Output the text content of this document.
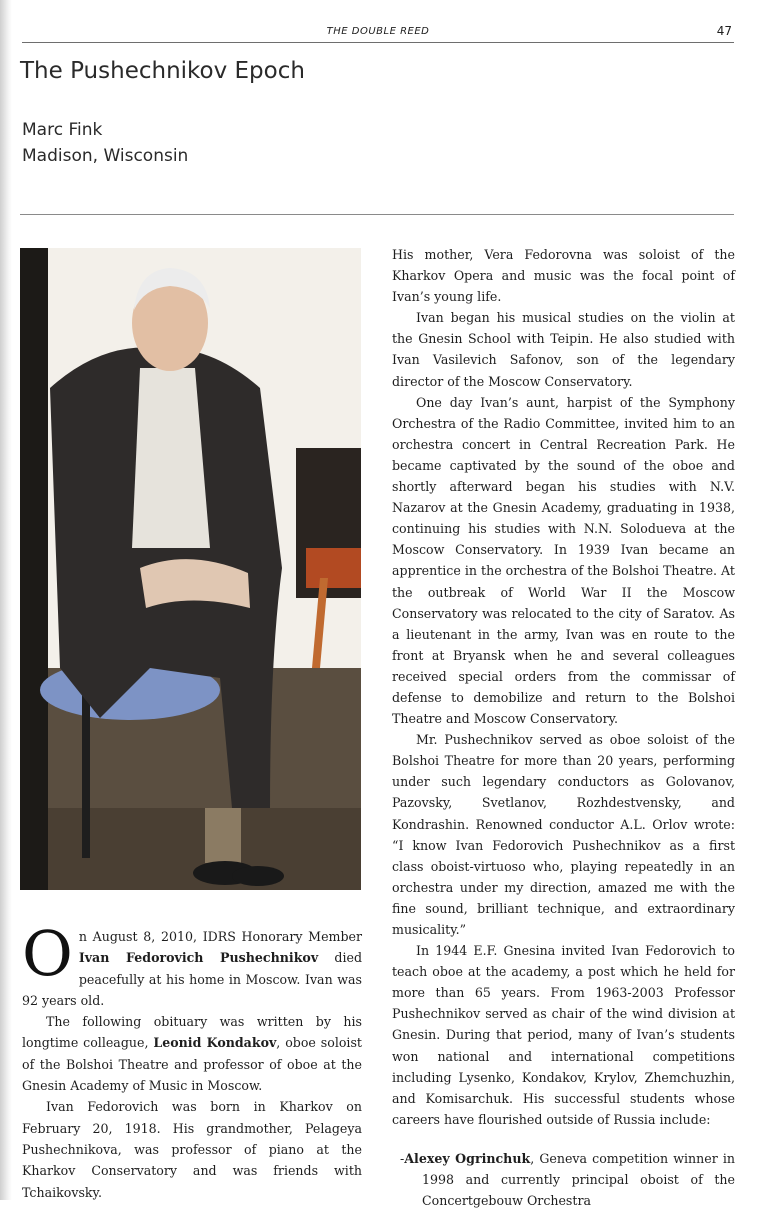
THE DOUBLE REED	47
The Pushechnikov Epoch
Marc Fink
Madison, Wisconsin

On August 8, 2010, IDRS Honorary Member Ivan Fedorovich Pushechnikov died peacefully at his home in Moscow. Ivan was 92 years old.

The following obituary was written by his longtime colleague, Leonid Kondakov, oboe soloist of the Bolshoi Theatre and professor of oboe at the Gnesin Academy of Music in Moscow.

Ivan Fedorovich was born in Kharkov on February 20, 1918. His grandmother, Pelageya Pushechnikova, was professor of piano at the Kharkov Conservatory and was friends with Tchaikovsky.

His mother, Vera Fedorovna was soloist of the Kharkov Opera and music was the focal point of Ivan’s young life.

Ivan began his musical studies on the violin at the Gnesin School with Teipin. He also studied with Ivan Vasilevich Safonov, son of the legendary director of the Moscow Conservatory.

One day Ivan’s aunt, harpist of the Symphony Orchestra of the Radio Committee, invited him to an orchestra concert in Central Recreation Park. He became captivated by the sound of the oboe and shortly afterward began his studies with N.V. Nazarov at the Gnesin Academy, graduating in 1938, continuing his studies with N.N. Solodueva at the Moscow Conservatory. In 1939 Ivan became an apprentice in the orchestra of the Bolshoi Theatre. At the outbreak of World War II the Moscow Conservatory was relocated to the city of Saratov. As a lieutenant in the army, Ivan was en route to the front at Bryansk when he and several colleagues received special orders from the commissar of defense to demobilize and return to the Bolshoi Theatre and Moscow Conservatory.

Mr. Pushechnikov served as oboe soloist of the Bolshoi Theatre for more than 20 years, performing under such legendary conductors as Golovanov, Pazovsky, Svetlanov, Rozhdestvensky, and Kondrashin. Renowned conductor A.L. Orlov wrote: “I know Ivan Fedorovich Pushechnikov as a first class oboist-virtuoso who, playing repeatedly in an orchestra under my direction, amazed me with the fine sound, brilliant technique, and extraordinary musicality.”

In 1944 E.F. Gnesina invited Ivan Fedorovich to teach oboe at the academy, a post which he held for more than 65 years. From 1963-2003 Professor Pushechnikov served as chair of the wind division at Gnesin. During that period, many of Ivan’s students won national and international competitions including Lysenko, Kondakov, Krylov, Zhemchuzhin, and Komisarchuk. His successful students whose careers have flourished outside of Russia include:

-Alexey Ogrinchuk, Geneva competition winner in 1998 and currently principal oboist of the Concertgebouw Orchestra
